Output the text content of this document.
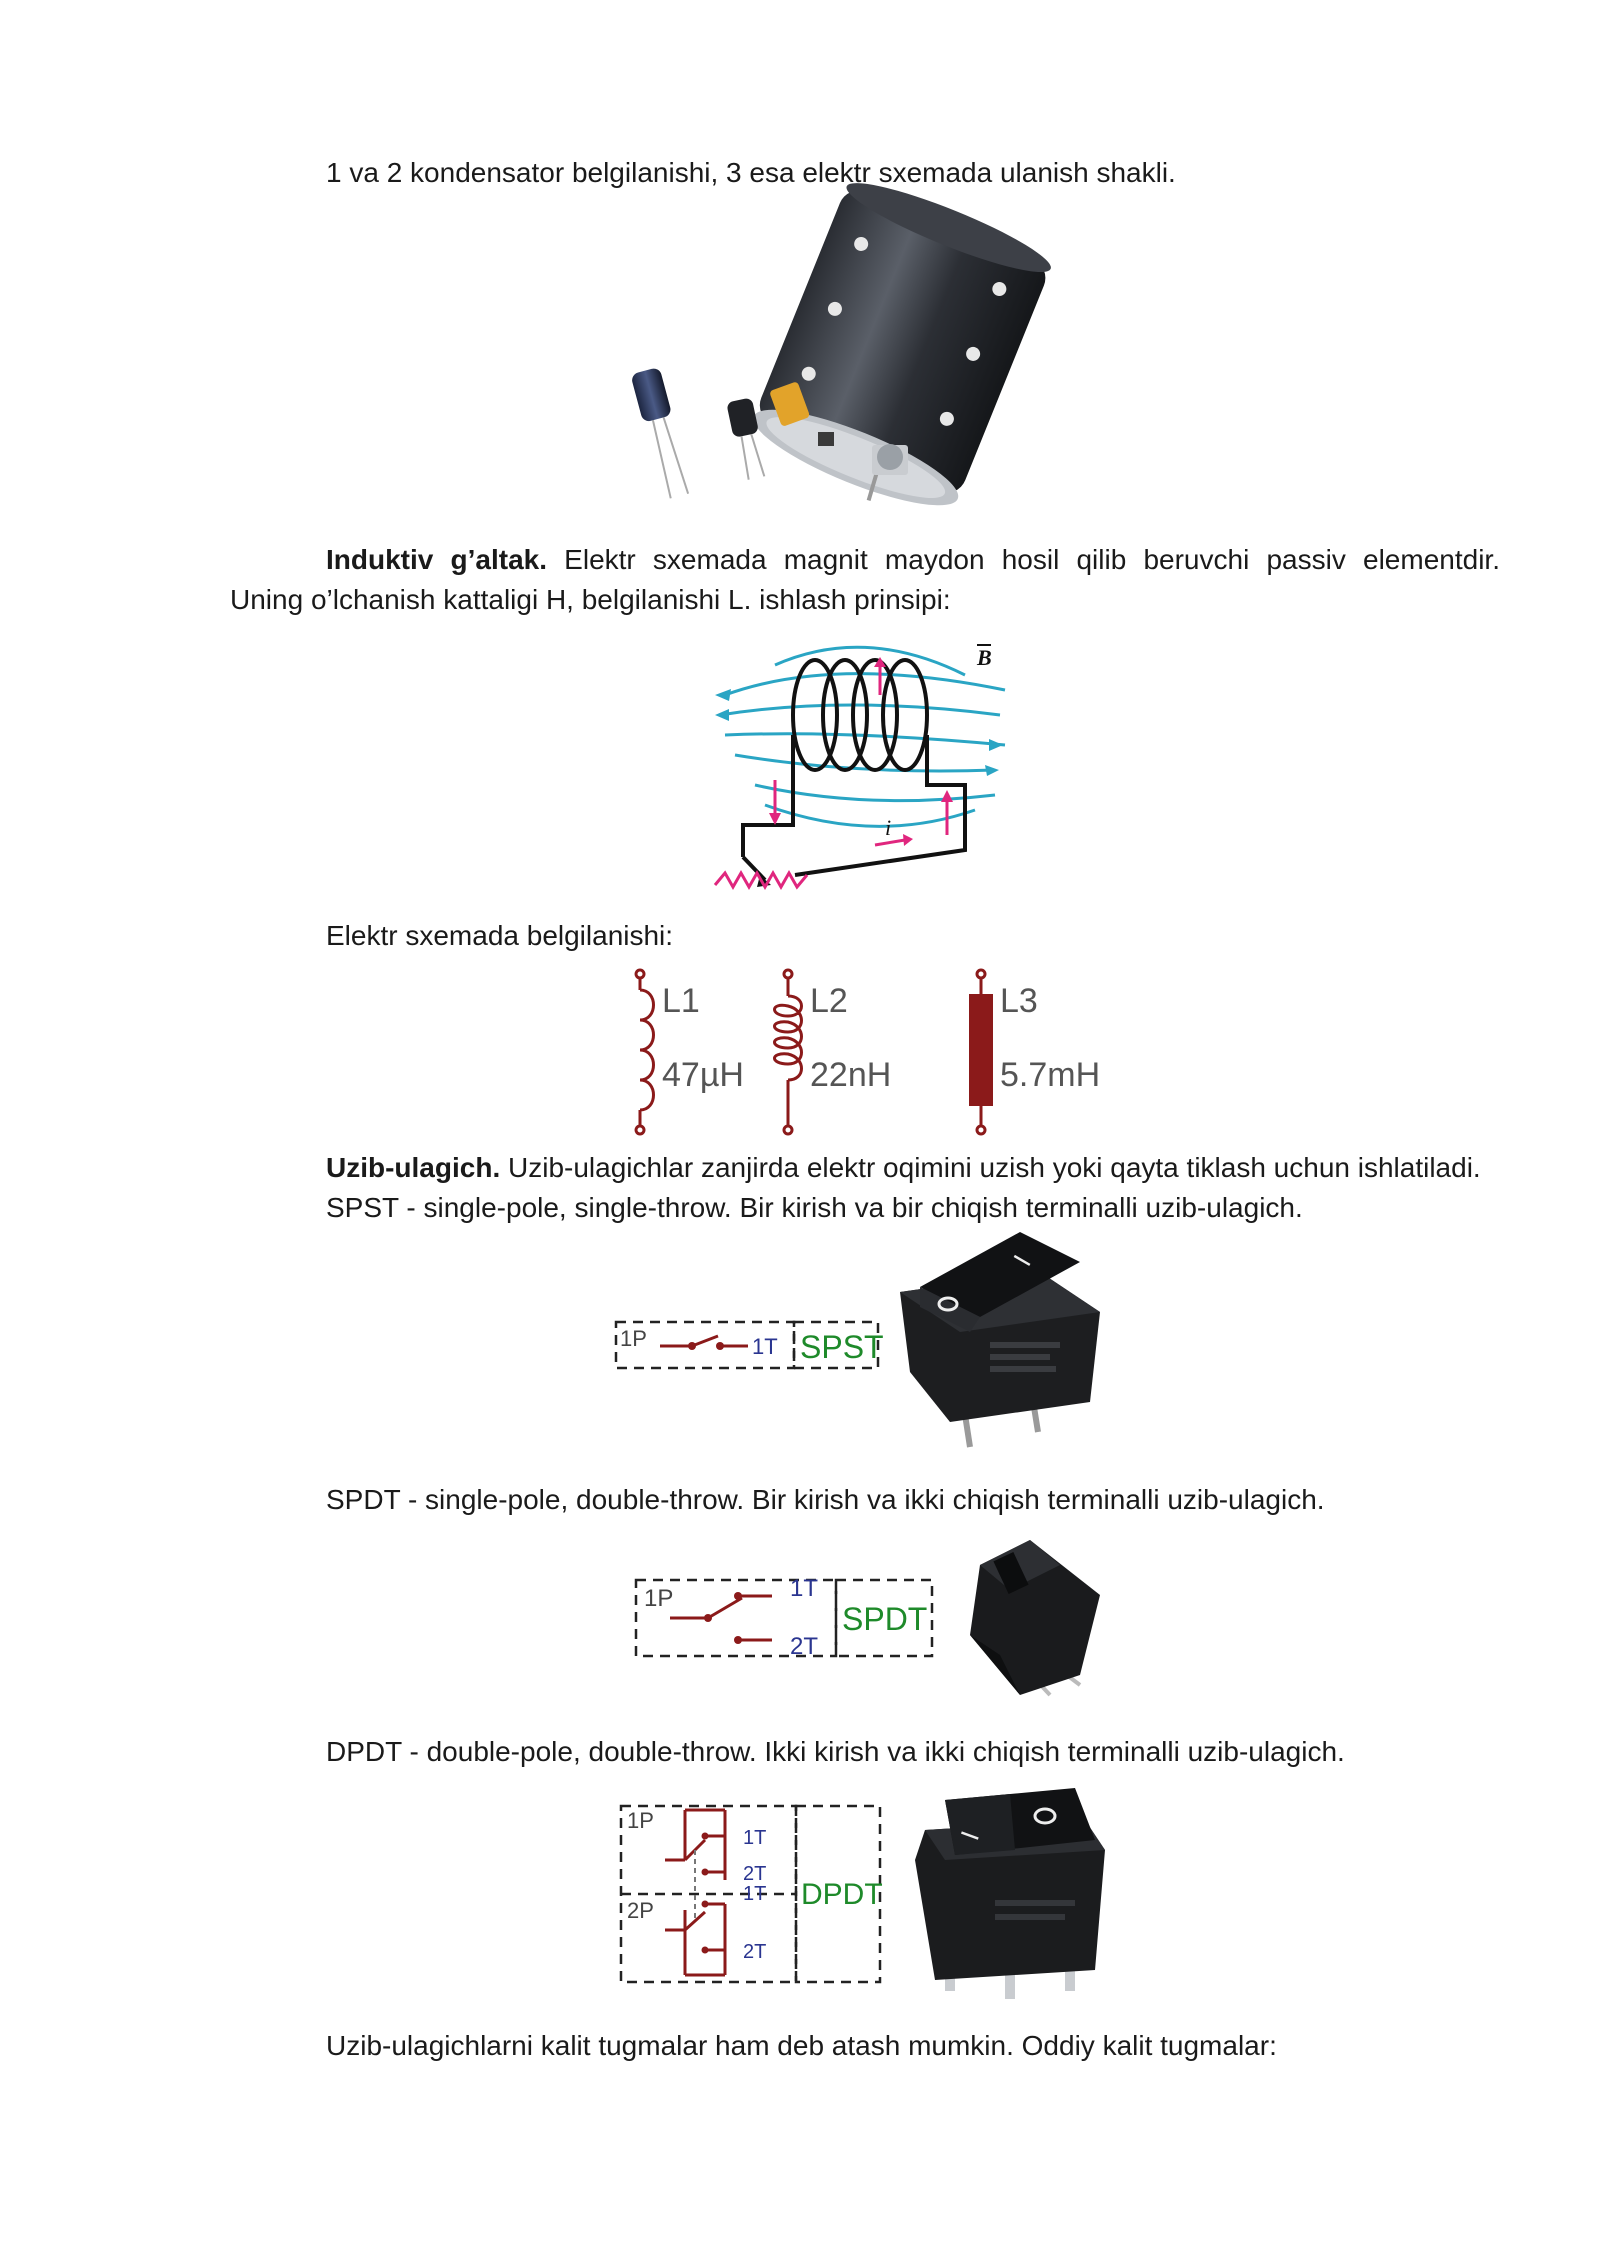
1 va 2 kondensator belgilanishi, 3 esa elektr sxemada ulanish shakli.
Induktiv g’altak. Elektr sxemada magnit maydon hosil qilib beruvchi passiv elementdir.
Uning o’lchanish kattaligi H, belgilanishi L. ishlash prinsipi:
B
i
Elektr sxemada belgilanishi:
L1
47µH
L2
22nH
L3
5.7mH
Uzib-ulagich. Uzib-ulagichlar zanjirda elektr oqimini uzish yoki qayta tiklash uchun ishlatiladi.
SPST - single-pole, single-throw. Bir kirish va bir chiqish terminalli uzib-ulagich.
1P	1T SPST
I
SPDT - single-pole, double-throw. Bir kirish va ikki chiqish terminalli uzib-ulagich.
1P	1T
2T
SPDT
DPDT - double-pole, double-throw. Ikki kirish va ikki chiqish terminalli uzib-ulagich.
1P
2P
1T
2T
1T
2T
DPDT
I
Uzib-ulagichlarni kalit tugmalar ham deb atash mumkin. Oddiy kalit tugmalar:
